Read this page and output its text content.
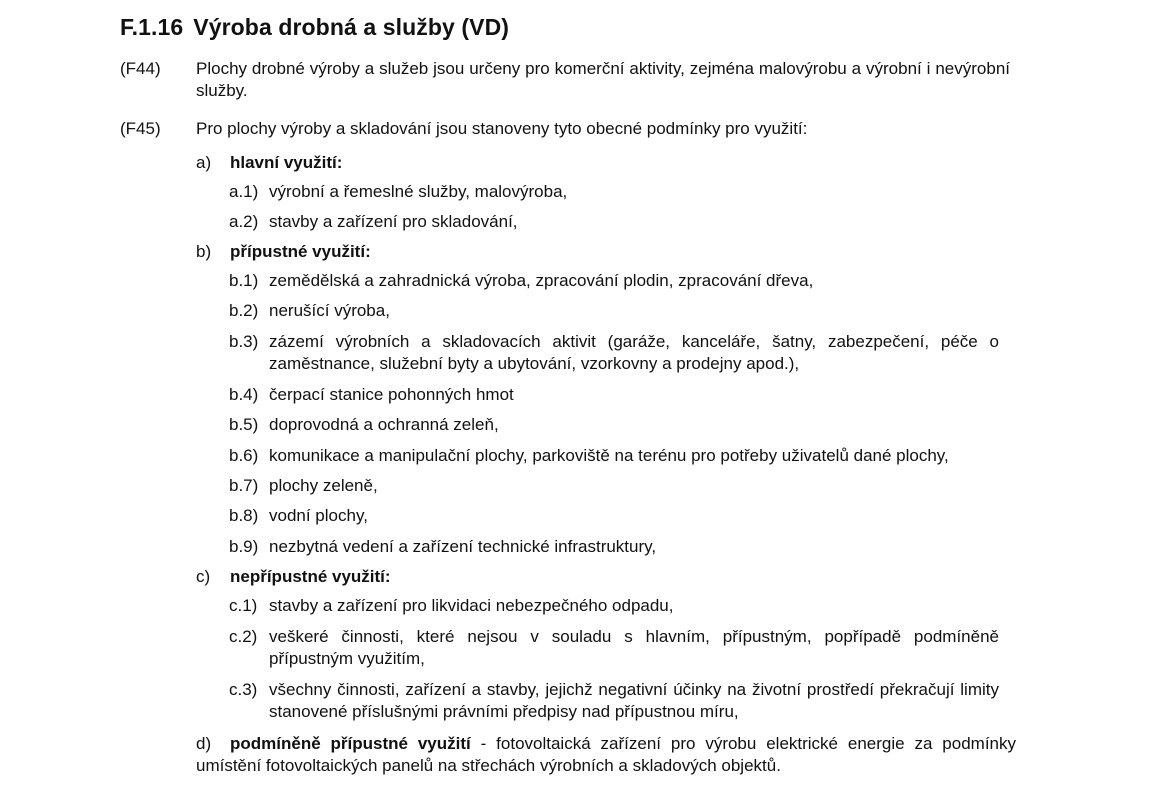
F.1.16 Výroba drobná a služby (VD)
(F44) Plochy drobné výroby a služeb jsou určeny pro komerční aktivity, zejména malovýrobu a výrobní i nevýrobní služby.
(F45) Pro plochy výroby a skladování jsou stanoveny tyto obecné podmínky pro využití:
a) hlavní využití:
a.1) výrobní a řemeslné služby, malovýroba,
a.2) stavby a zařízení pro skladování,
b) přípustné využití:
b.1) zemědělská a zahradnická výroba, zpracování plodin, zpracování dřeva,
b.2) nerušící výroba,
b.3) zázemí výrobních a skladovacích aktivit (garáže, kanceláře, šatny, zabezpečení, péče o zaměstnance, služební byty a ubytování, vzorkovny a prodejny apod.),
b.4) čerpací stanice pohonných hmot
b.5) doprovodná a ochranná zeleň,
b.6) komunikace a manipulační plochy, parkoviště na terénu pro potřeby uživatelů dané plochy,
b.7) plochy zeleně,
b.8) vodní plochy,
b.9) nezbytná vedení a zařízení technické infrastruktury,
c) nepřípustné využití:
c.1) stavby a zařízení pro likvidaci nebezpečného odpadu,
c.2) veškeré činnosti, které nejsou v souladu s hlavním, přípustným, popřípadě podmíněně přípustným využitím,
c.3) všechny činnosti, zařízení a stavby, jejichž negativní účinky na životní prostředí překračují limity stanovené příslušnými právními předpisy nad přípustnou míru,
d) podmíněně přípustné využití - fotovoltaická zařízení pro výrobu elektrické energie za podmínky umístění fotovoltaických panelů na střechách výrobních a skladových objektů.
